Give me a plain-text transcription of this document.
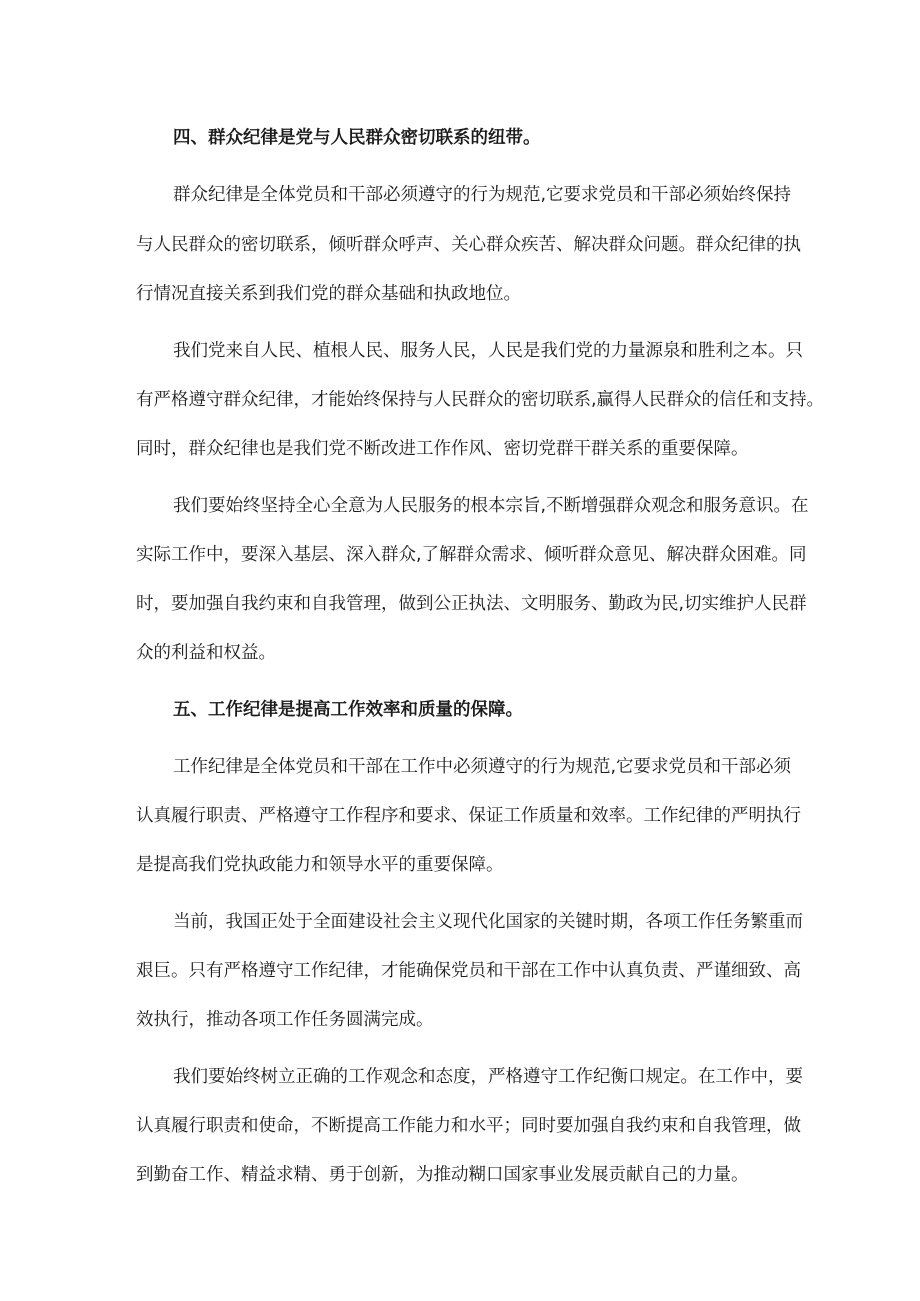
四、群众纪律是党与人民群众密切联系的纽带。
群众纪律是全体党员和干部必须遵守的行为规范,它要求党员和干部必须始终保持
与人民群众的密切联系，倾听群众呼声、关心群众疾苦、解决群众问题。群众纪律的执
行情况直接关系到我们党的群众基础和执政地位。
我们党来自人民、植根人民、服务人民，人民是我们党的力量源泉和胜利之本。只
有严格遵守群众纪律，才能始终保持与人民群众的密切联系,赢得人民群众的信任和支持。
同时，群众纪律也是我们党不断改进工作作风、密切党群干群关系的重要保障。
我们要始终坚持全心全意为人民服务的根本宗旨,不断增强群众观念和服务意识。在
实际工作中，要深入基层、深入群众,了解群众需求、倾听群众意见、解决群众困难。同
时，要加强自我约束和自我管理，做到公正执法、文明服务、勤政为民,切实维护人民群
众的利益和权益。
五、工作纪律是提高工作效率和质量的保障。
工作纪律是全体党员和干部在工作中必须遵守的行为规范,它要求党员和干部必须
认真履行职责、严格遵守工作程序和要求、保证工作质量和效率。工作纪律的严明执行
是提高我们党执政能力和领导水平的重要保障。
当前，我国正处于全面建设社会主义现代化国家的关键时期，各项工作任务繁重而
艰巨。只有严格遵守工作纪律，才能确保党员和干部在工作中认真负责、严谨细致、高
效执行，推动各项工作任务圆满完成。
我们要始终树立正确的工作观念和态度，严格遵守工作纪衡口规定。在工作中，要
认真履行职责和使命，不断提高工作能力和水平；同时要加强自我约束和自我管理，做
到勤奋工作、精益求精、勇于创新，为推动糊口国家事业发展贡献自己的力量。
